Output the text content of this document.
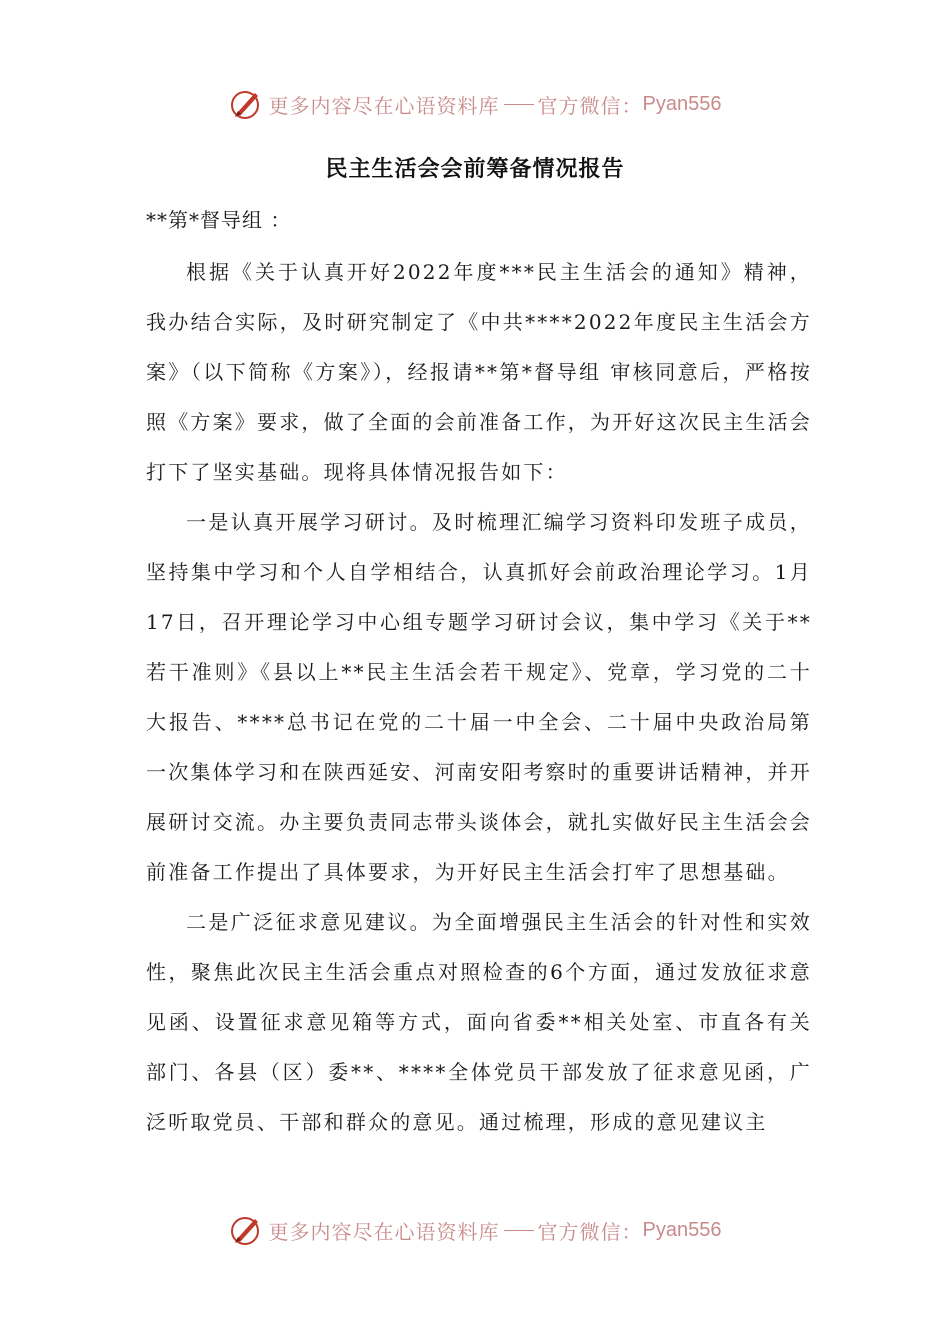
更多内容尽在心语资料库 官方微信： Pyan556
民主生活会会前筹备情况报告
**第*督导组 ：

根据《关于认真开好2022年度***民主生活会的通知》精神，我办结合实际，及时研究制定了《中共****2022年度民主生活会方案》（以下简称《方案》），经报请**第*督导组 审核同意后，严格按照《方案》要求，做了全面的会前准备工作，为开好这次民主生活会打下了坚实基础。现将具体情况报告如下：

一是认真开展学习研讨。及时梳理汇编学习资料印发班子成员，坚持集中学习和个人自学相结合，认真抓好会前政治理论学习。1月17日，召开理论学习中心组专题学习研讨会议，集中学习《关于**若干准则》《县以上**民主生活会若干规定》、党章，学习党的二十大报告、****总书记在党的二十届一中全会、二十届中央政治局第一次集体学习和在陕西延安、河南安阳考察时的重要讲话精神，并开展研讨交流。办主要负责同志带头谈体会，就扎实做好民主生活会会前准备工作提出了具体要求，为开好民主生活会打牢了思想基础。

二是广泛征求意见建议。为全面增强民主生活会的针对性和实效性，聚焦此次民主生活会重点对照检查的6个方面，通过发放征求意见函、设置征求意见箱等方式，面向省委**相关处室、市直各有关部门、各县（区）委**、****全体党员干部发放了征求意见函，广泛听取党员、干部和群众的意见。通过梳理，形成的意见建议主

更多内容尽在心语资料库 官方微信： Pyan556
